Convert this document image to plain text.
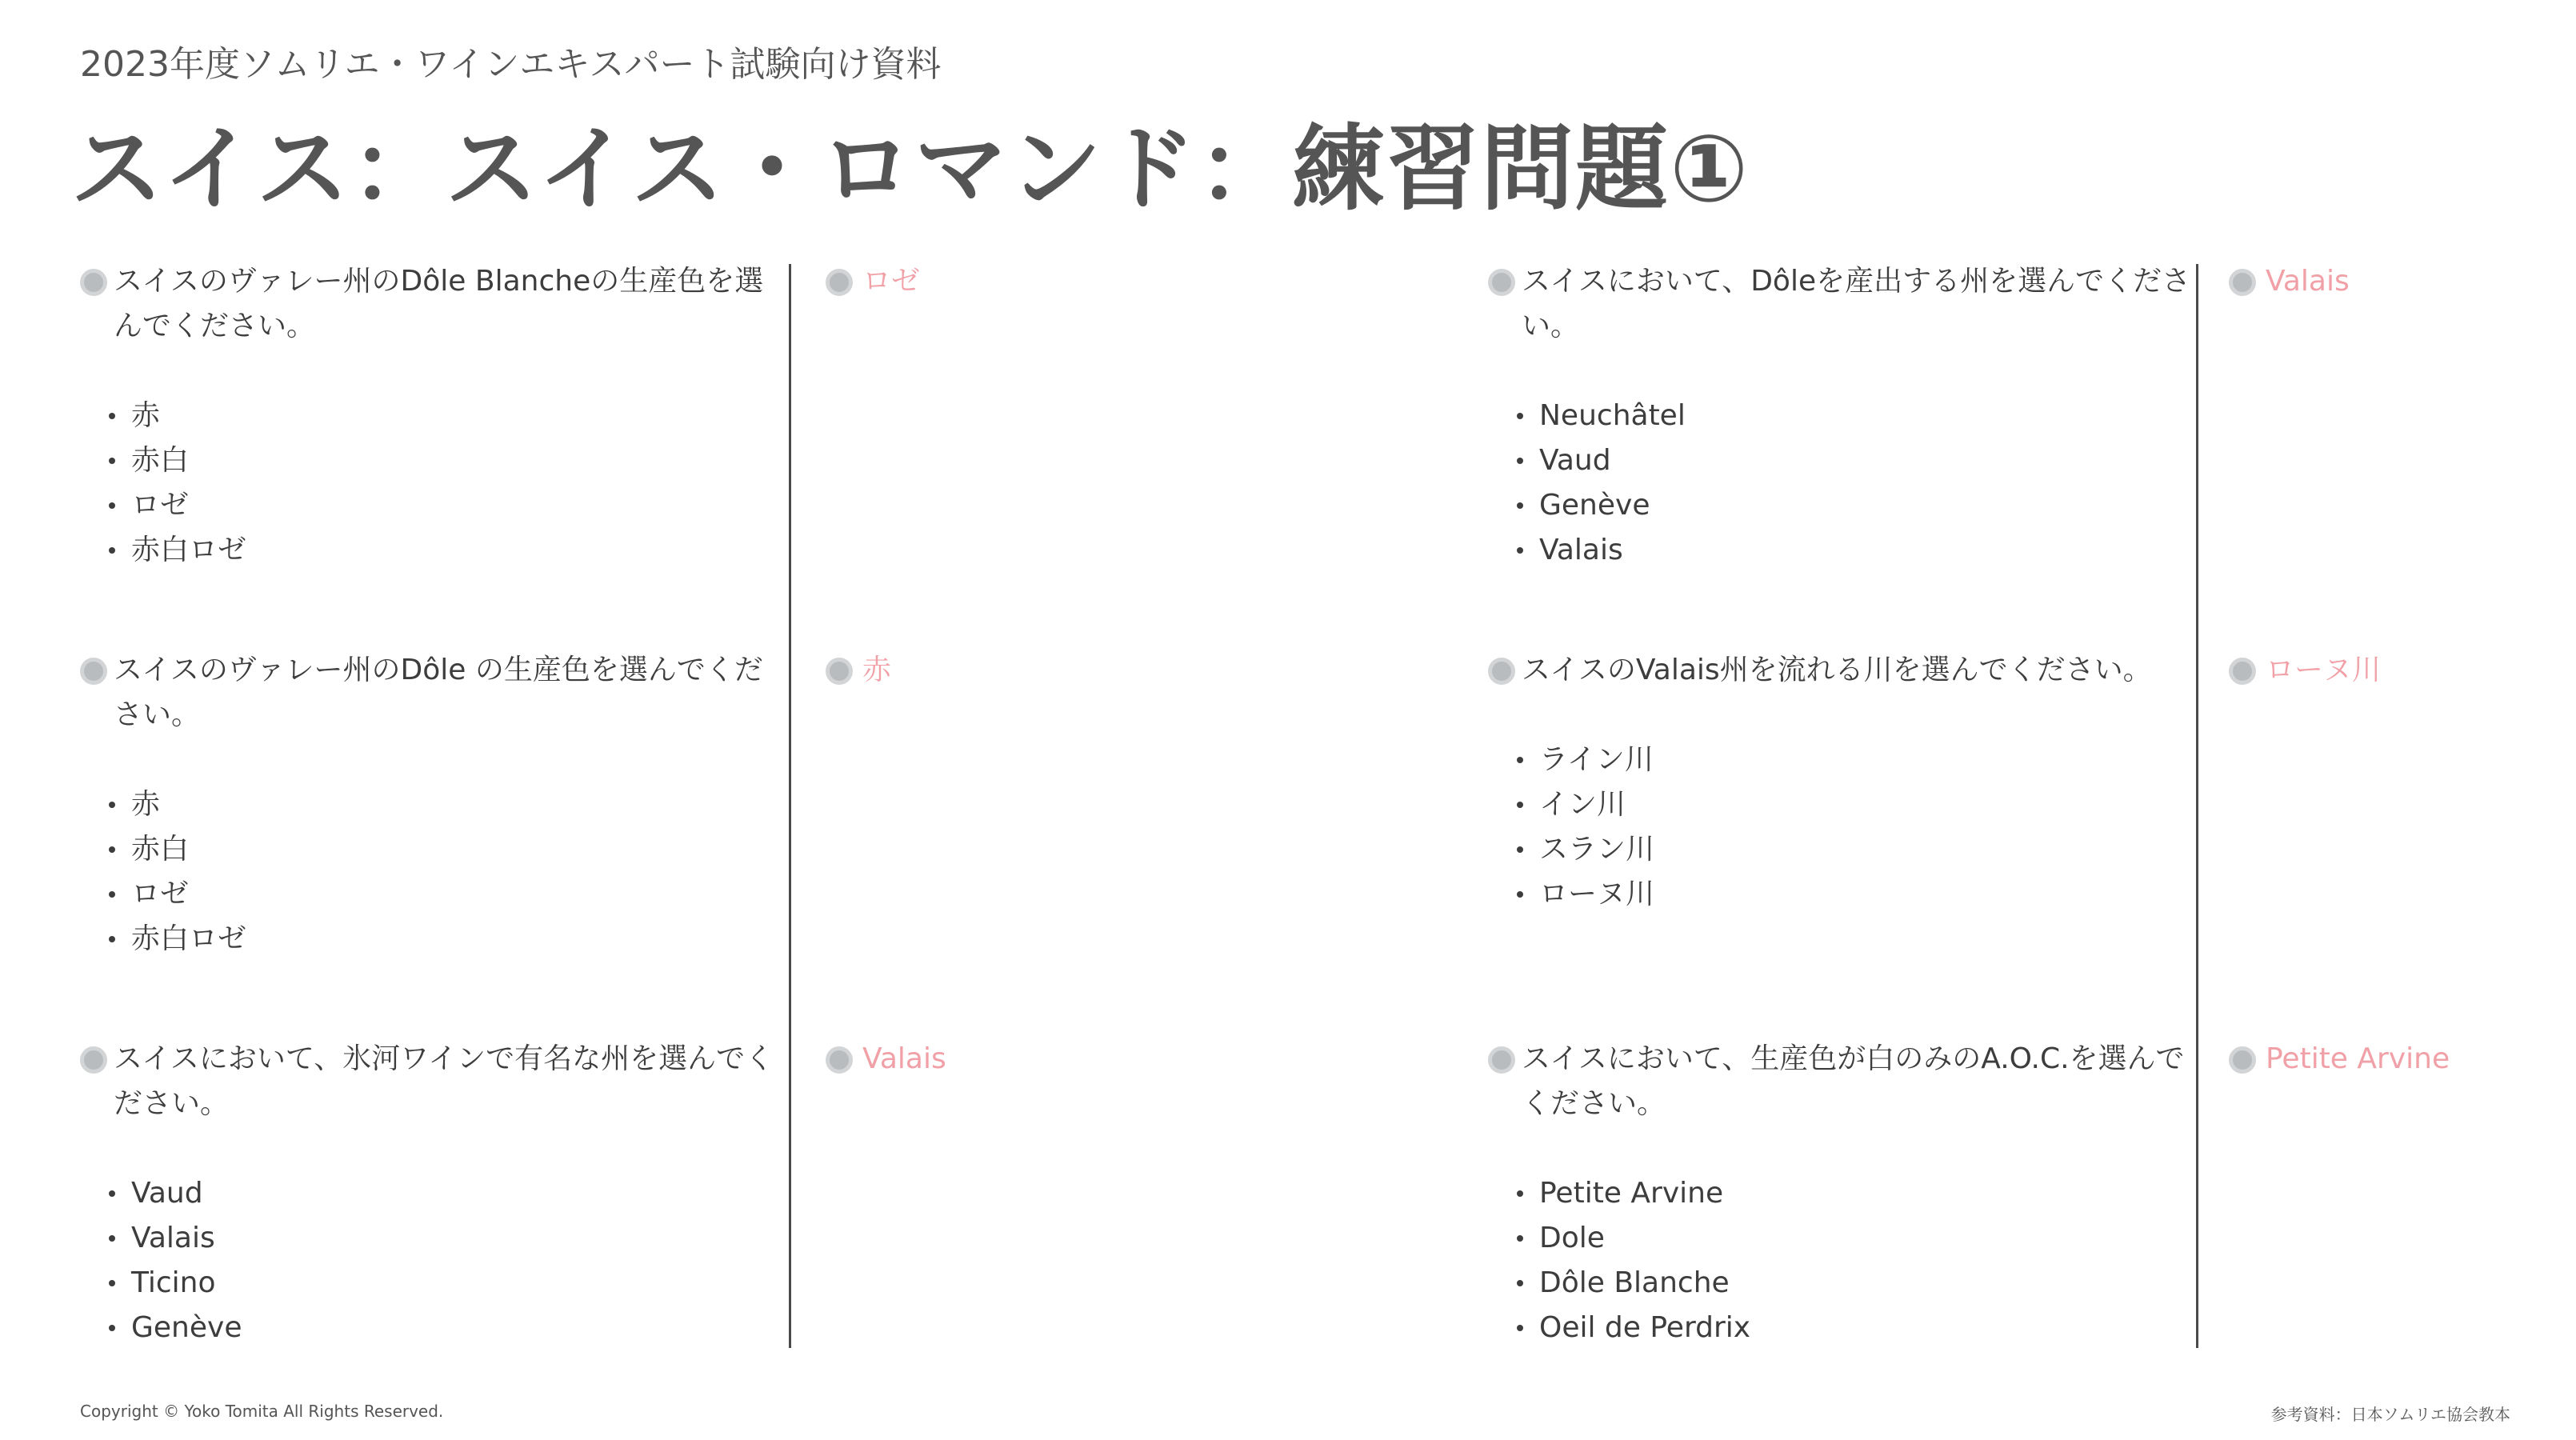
2023年度ソムリエ・ワインエキスパート試験向け資料
スイス：スイス・ロマンド：練習問題①
スイスのヴァレー州のDôle Blancheの生産色を選んでください。
赤
赤白
ロゼ
赤白ロゼ
ロゼ
スイスのヴァレー州のDôle の生産色を選んでください。
赤
赤白
ロゼ
赤白ロゼ
赤
スイスにおいて、氷河ワインで有名な州を選んでください。
Vaud
Valais
Ticino
Genève
Valais
スイスにおいて、Dôleを産出する州を選んでください。
Neuchâtel
Vaud
Genève
Valais
Valais
スイスのValais州を流れる川を選んでください。
ライン川
イン川
スラン川
ローヌ川
ローヌ川
スイスにおいて、生産色が白のみのA.O.C.を選んでください。
Petite Arvine
Dole
Dôle Blanche
Oeil de Perdrix
Petite Arvine
Copyright © Yoko Tomita All Rights Reserved.	参考資料：日本ソムリエ協会教本
